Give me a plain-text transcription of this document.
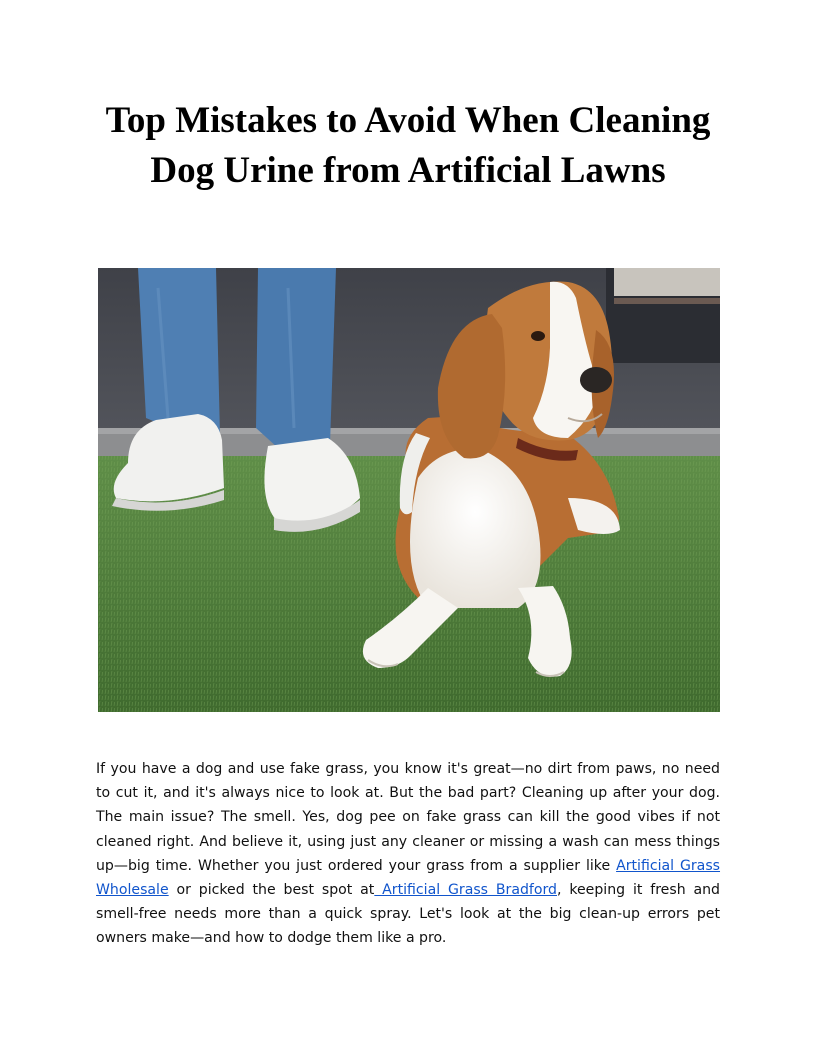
Top Mistakes to Avoid When Cleaning
Dog Urine from Artificial Lawns

If you have a dog and use fake grass, you know it's great—no dirt from paws, no need to cut it, and it's always nice to look at. But the bad part? Cleaning up after your dog. The main issue? The smell. Yes, dog pee on fake grass can kill the good vibes if not cleaned right. And believe it, using just any cleaner or missing a wash can mess things up—big time. Whether you just ordered your grass from a supplier like Artificial Grass Wholesale or picked the best spot at Artificial Grass Bradford, keeping it fresh and smell-free needs more than a quick spray. Let's look at the big clean-up errors pet owners make—and how to dodge them like a pro.
